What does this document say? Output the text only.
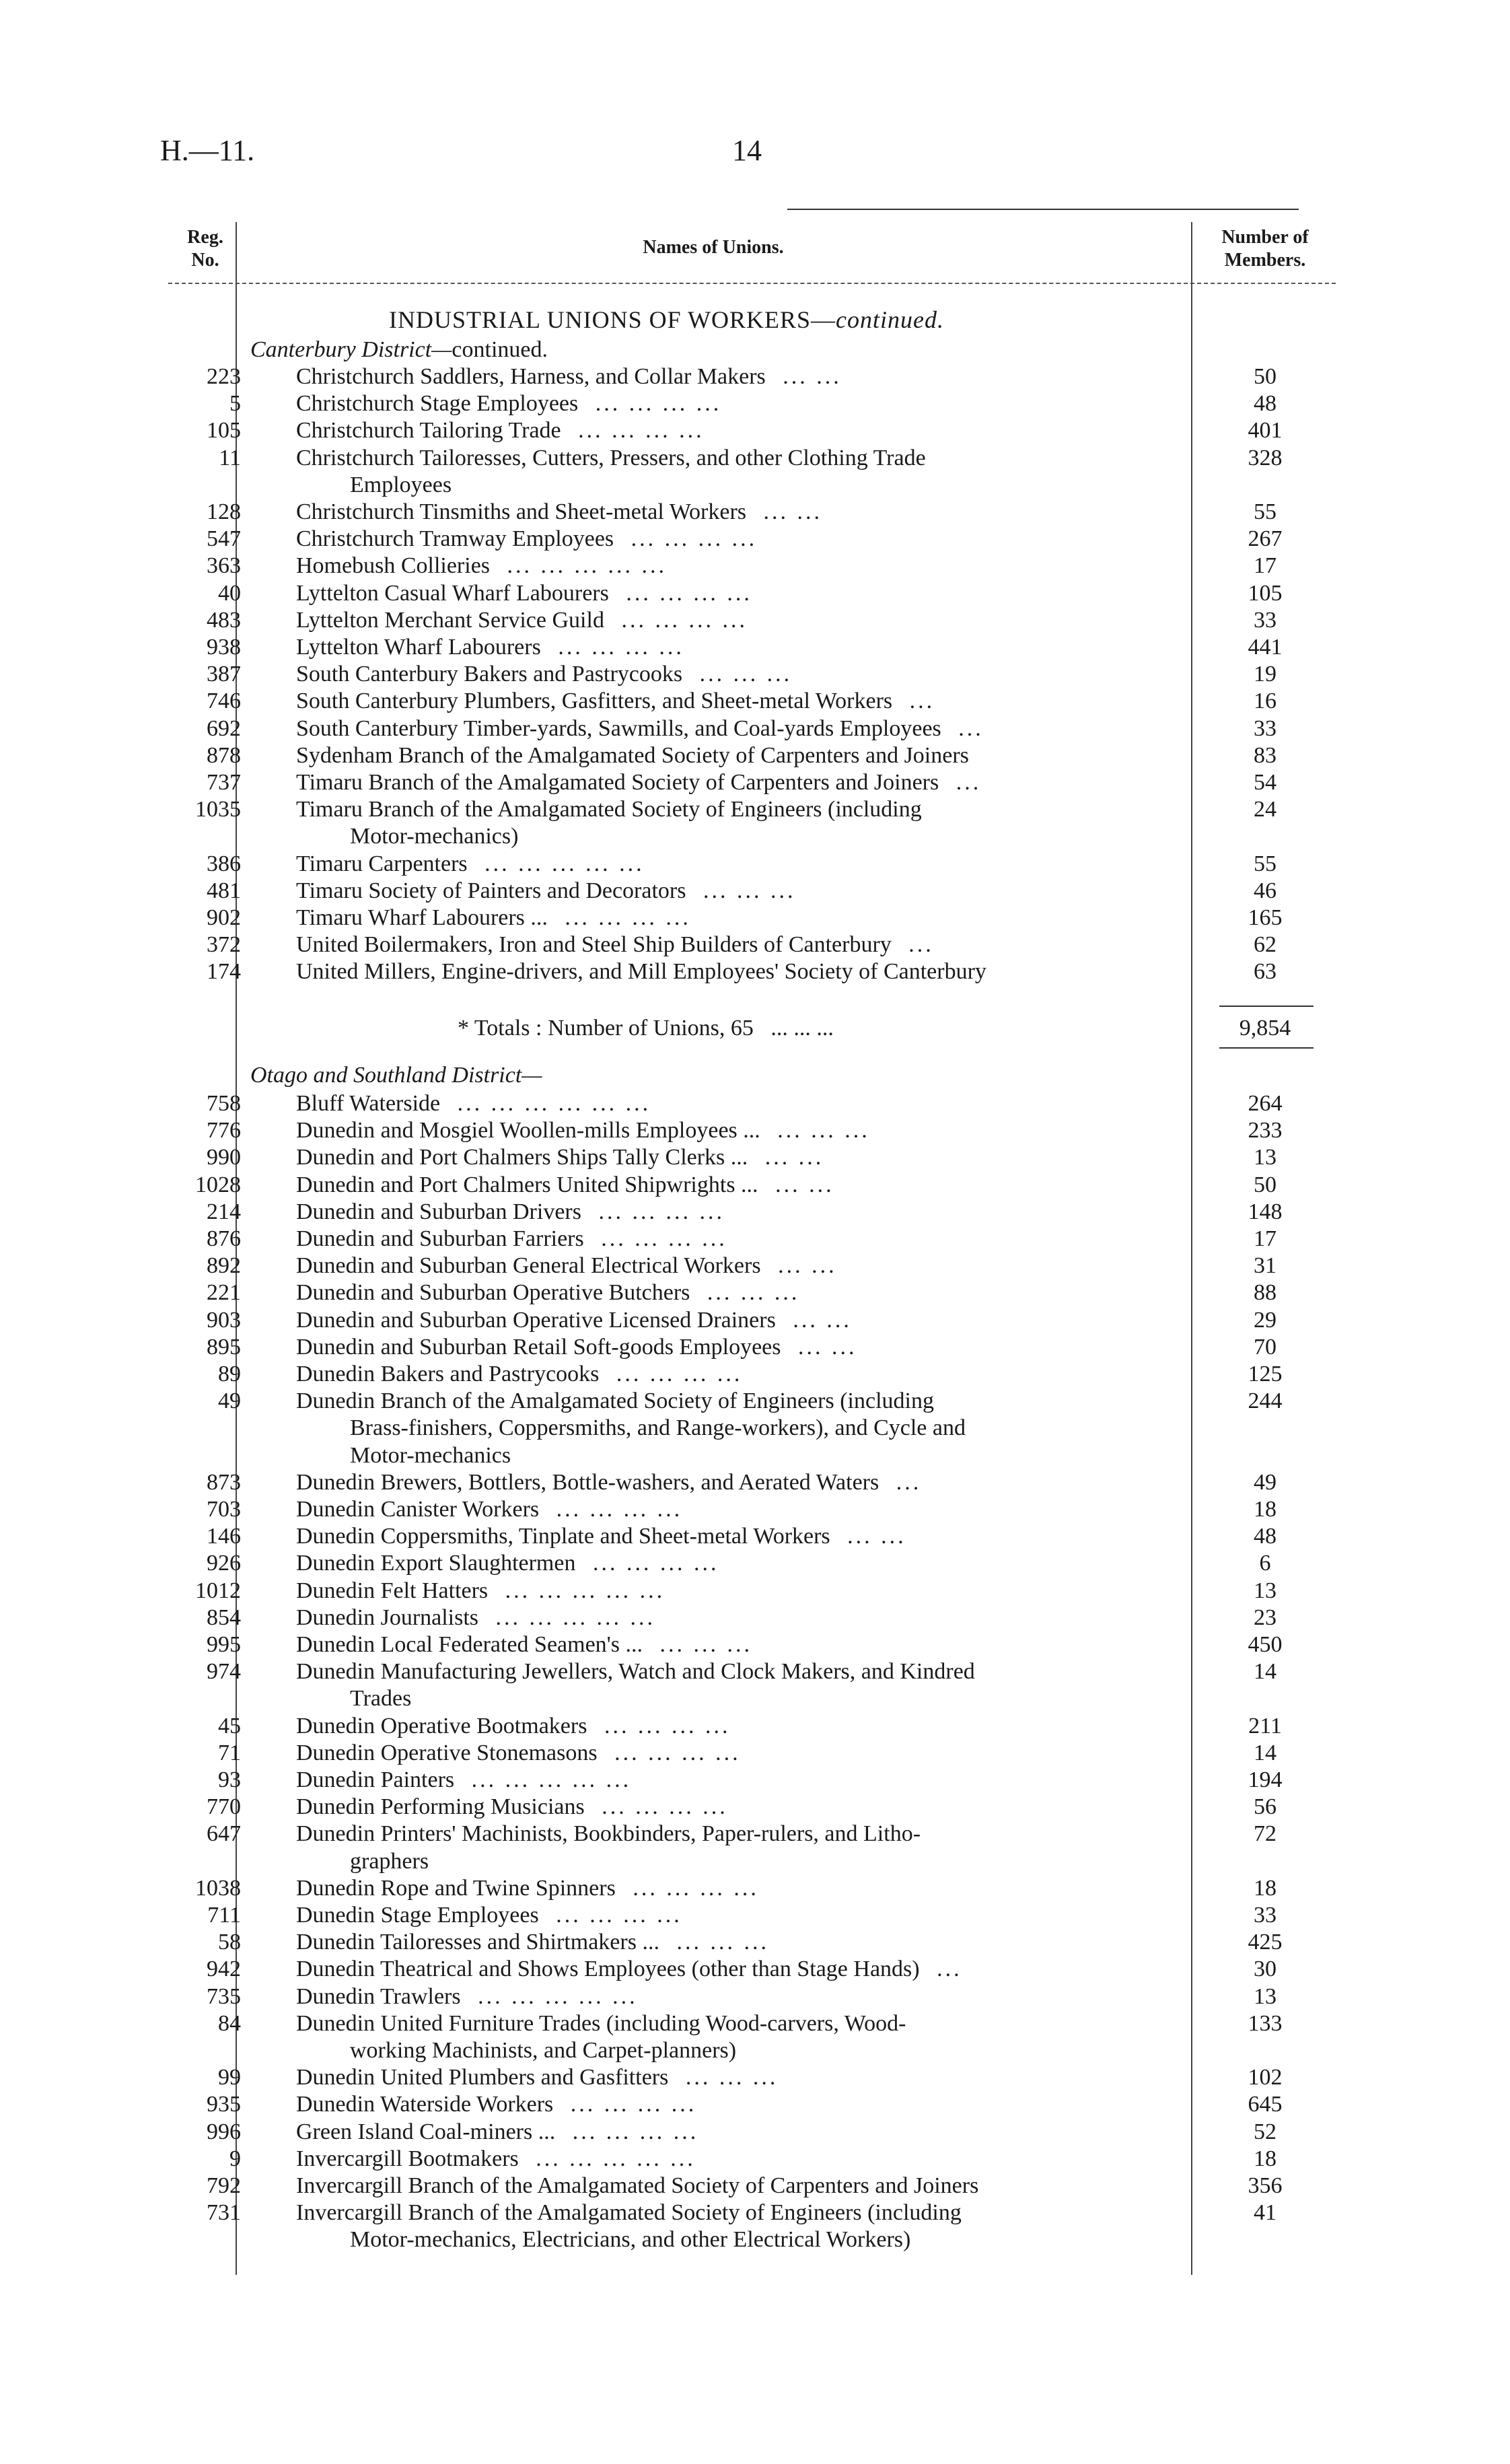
H.—11.	14
Reg.
No.
Names of Unions.	Number of
Members.
INDUSTRIAL UNIONS OF WORKERS—continued.
Canterbury District—continued.
223 Christchurch Saddlers, Harness, and Collar Makers ... ...	50
5 Christchurch Stage Employees ... ... ... ...	48
105 Christchurch Tailoring Trade ... ... ... ...	401
11 Christchurch Tailoresses, Cutters, Pressers, and other Clothing Trade	328
Employees
128 Christchurch Tinsmiths and Sheet-metal Workers ... ...	55
547 Christchurch Tramway Employees ... ... ... ...	267
363 Homebush Collieries ... ... ... ... ...	17
40 Lyttelton Casual Wharf Labourers ... ... ... ...	105
483 Lyttelton Merchant Service Guild ... ... ... ...	33
938 Lyttelton Wharf Labourers ... ... ... ...	441
387 South Canterbury Bakers and Pastrycooks ... ... ...	19
746 South Canterbury Plumbers, Gasfitters, and Sheet-metal Workers ...	16
692 South Canterbury Timber-yards, Sawmills, and Coal-yards Employees ...	33
878 Sydenham Branch of the Amalgamated Society of Carpenters and Joiners	83
737 Timaru Branch of the Amalgamated Society of Carpenters and Joiners ...	54
1035 Timaru Branch of the Amalgamated Society of Engineers (including	24
Motor-mechanics)
386 Timaru Carpenters ... ... ... ... ...	55
481 Timaru Society of Painters and Decorators ... ... ...	46
902 Timaru Wharf Labourers ... ... ... ... ...	165
372 United Boilermakers, Iron and Steel Ship Builders of Canterbury ...	62
174 United Millers, Engine-drivers, and Mill Employees' Society of Canterbury	63
* Totals : Number of Unions, 65 ... ... ...	9,854
Otago and Southland District—
758 Bluff Waterside ... ... ... ... ... ...	264
776 Dunedin and Mosgiel Woollen-mills Employees ... ... ... ...	233
990 Dunedin and Port Chalmers Ships Tally Clerks ... ... ...	13
1028 Dunedin and Port Chalmers United Shipwrights ... ... ...	50
214 Dunedin and Suburban Drivers ... ... ... ...	148
876 Dunedin and Suburban Farriers ... ... ... ...	17
892 Dunedin and Suburban General Electrical Workers ... ...	31
221 Dunedin and Suburban Operative Butchers ... ... ...	88
903 Dunedin and Suburban Operative Licensed Drainers ... ...	29
895 Dunedin and Suburban Retail Soft-goods Employees ... ...	70
89 Dunedin Bakers and Pastrycooks ... ... ... ...	125
49 Dunedin Branch of the Amalgamated Society of Engineers (including	244
Brass-finishers, Coppersmiths, and Range-workers), and Cycle and
Motor-mechanics
873 Dunedin Brewers, Bottlers, Bottle-washers, and Aerated Waters ...	49
703 Dunedin Canister Workers ... ... ... ...	18
146 Dunedin Coppersmiths, Tinplate and Sheet-metal Workers ... ...	48
926 Dunedin Export Slaughtermen ... ... ... ...	6
1012 Dunedin Felt Hatters ... ... ... ... ...	13
854 Dunedin Journalists ... ... ... ... ...	23
995 Dunedin Local Federated Seamen's ... ... ... ...	450
974 Dunedin Manufacturing Jewellers, Watch and Clock Makers, and Kindred	14
Trades
45 Dunedin Operative Bootmakers ... ... ... ...	211
71 Dunedin Operative Stonemasons ... ... ... ...	14
93 Dunedin Painters ... ... ... ... ...	194
770 Dunedin Performing Musicians ... ... ... ...	56
647 Dunedin Printers' Machinists, Bookbinders, Paper-rulers, and Litho-	72
graphers
1038 Dunedin Rope and Twine Spinners ... ... ... ...	18
711 Dunedin Stage Employees ... ... ... ...	33
58 Dunedin Tailoresses and Shirtmakers ... ... ... ...	425
942 Dunedin Theatrical and Shows Employees (other than Stage Hands) ...	30
735 Dunedin Trawlers ... ... ... ... ...	13
84 Dunedin United Furniture Trades (including Wood-carvers, Wood-	133
working Machinists, and Carpet-planners)
99 Dunedin United Plumbers and Gasfitters ... ... ...	102
935 Dunedin Waterside Workers ... ... ... ...	645
996 Green Island Coal-miners ... ... ... ... ...	52
9 Invercargill Bootmakers ... ... ... ... ...	18
792 Invercargill Branch of the Amalgamated Society of Carpenters and Joiners	356
731 Invercargill Branch of the Amalgamated Society of Engineers (including	41
Motor-mechanics, Electricians, and other Electrical Workers)
